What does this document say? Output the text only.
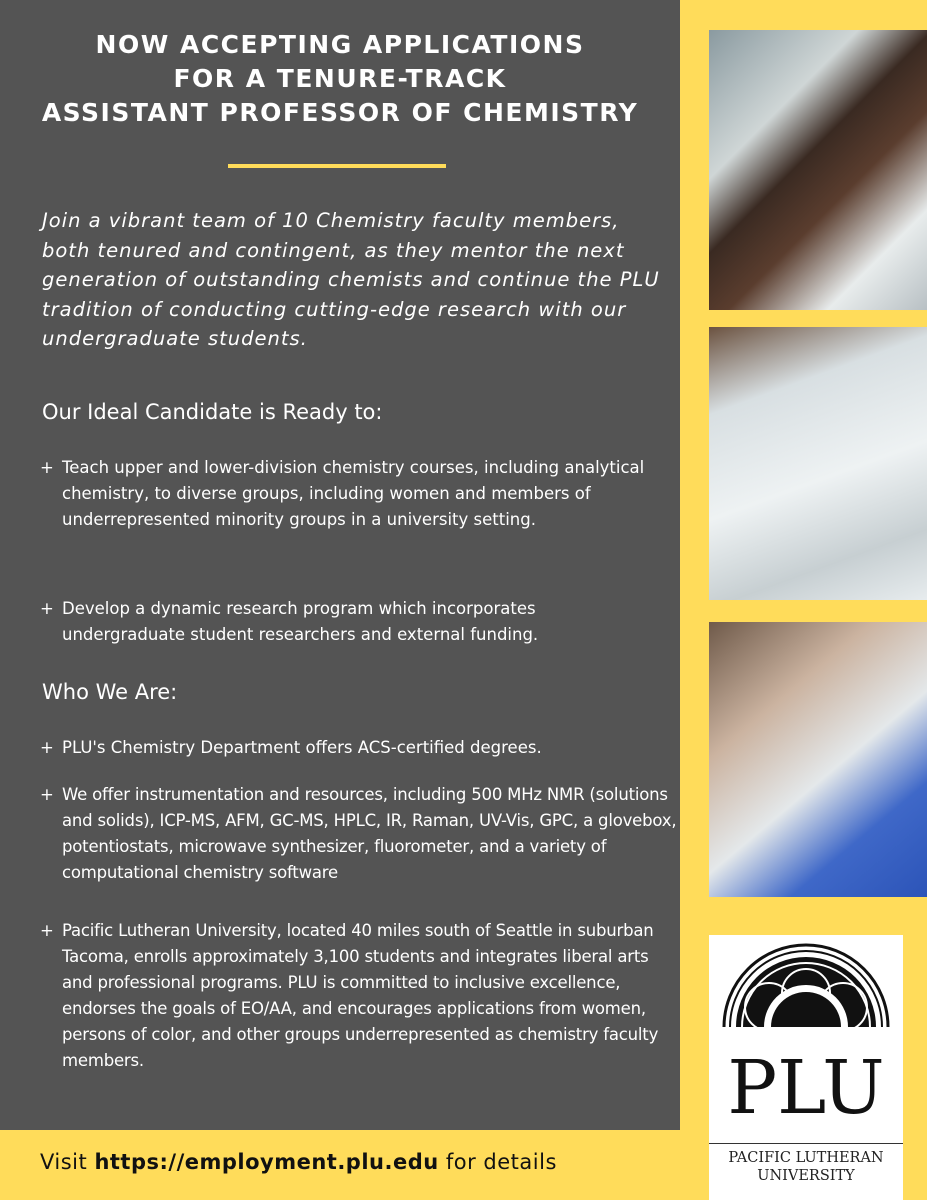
NOW ACCEPTING APPLICATIONS
FOR A TENURE-TRACK
ASSISTANT PROFESSOR OF CHEMISTRY
Join a vibrant team of 10 Chemistry faculty members, both tenured and contingent, as they mentor the next generation of outstanding chemists and continue the PLU tradition of conducting cutting-edge research with our undergraduate students.
Our Ideal Candidate is Ready to:
+ Teach upper and lower-division chemistry courses, including analytical chemistry, to diverse groups, including women and members of underrepresented minority groups in a university setting.
+ Develop a dynamic research program which incorporates undergraduate student researchers and external funding.
Who We Are:
+ PLU's Chemistry Department offers ACS-certified degrees.
+ We offer instrumentation and resources, including 500 MHz NMR (solutions and solids), ICP-MS, AFM, GC-MS, HPLC, IR, Raman, UV-Vis, GPC, a glovebox, potentiostats, microwave synthesizer, fluorometer, and a variety of computational chemistry software
+ Pacific Lutheran University, located 40 miles south of Seattle in suburban Tacoma, enrolls approximately 3,100 students and integrates liberal arts and professional programs. PLU is committed to inclusive excellence, endorses the goals of EO/AA, and encourages applications from women, persons of color, and other groups underrepresented as chemistry faculty members.	PLU
PACIFIC LUTHERAN
UNIVERSITY
Visit https://employment.plu.edu for details
